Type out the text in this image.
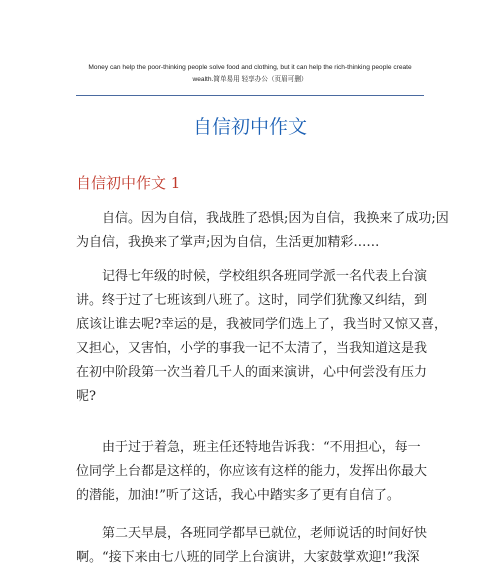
Money can help the poor-thinking people solve food and clothing, but it can help the rich-thinking people create
wealth.简单易用 轻享办公（页眉可删）
自信初中作文
自信初中作文 1
　　自信。因为自信，我战胜了恐惧;因为自信，我换来了成功;因
为自信，我换来了掌声;因为自信，生活更加精彩……
　　记得七年级的时候，学校组织各班同学派一名代表上台演
讲。终于过了七班该到八班了。这时，同学们犹豫又纠结，到
底该让谁去呢?幸运的是，我被同学们选上了，我当时又惊又喜，
又担心，又害怕，小学的事我一记不太清了，当我知道这是我
在初中阶段第一次当着几千人的面来演讲，心中何尝没有压力
呢?
　　由于过于着急，班主任还特地告诉我：“不用担心，每一
位同学上台都是这样的，你应该有这样的能力，发挥出你最大
的潜能，加油!”听了这话，我心中踏实多了更有自信了。
　　第二天早晨，各班同学都早已就位，老师说话的时间好快
啊。“接下来由七八班的同学上台演讲，大家鼓掌欢迎!”我深
